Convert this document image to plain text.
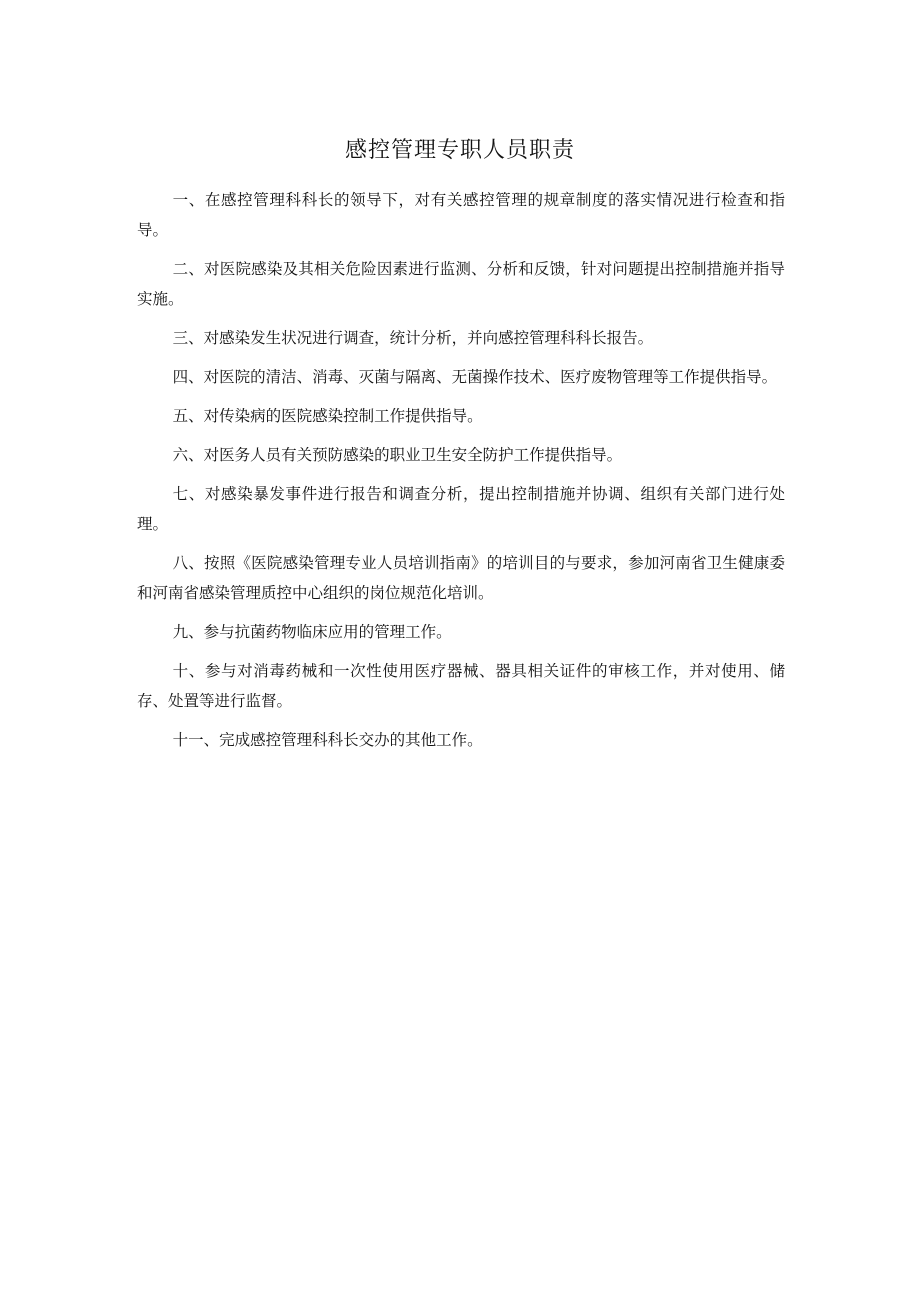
感控管理专职人员职责

一、在感控管理科科长的领导下，对有关感控管理的规章制度的落实情况进行检查和指导。

二、对医院感染及其相关危险因素进行监测、分析和反馈，针对问题提出控制措施并指导实施。

三、对感染发生状况进行调查，统计分析，并向感控管理科科长报告。

四、对医院的清洁、消毒、灭菌与隔离、无菌操作技术、医疗废物管理等工作提供指导。

五、对传染病的医院感染控制工作提供指导。

六、对医务人员有关预防感染的职业卫生安全防护工作提供指导。

七、对感染暴发事件进行报告和调查分析，提出控制措施并协调、组织有关部门进行处理。

八、按照《医院感染管理专业人员培训指南》的培训目的与要求，参加河南省卫生健康委和河南省感染管理质控中心组织的岗位规范化培训。

九、参与抗菌药物临床应用的管理工作。

十、参与对消毒药械和一次性使用医疗器械、器具相关证件的审核工作，并对使用、储存、处置等进行监督。

十一、完成感控管理科科长交办的其他工作。
